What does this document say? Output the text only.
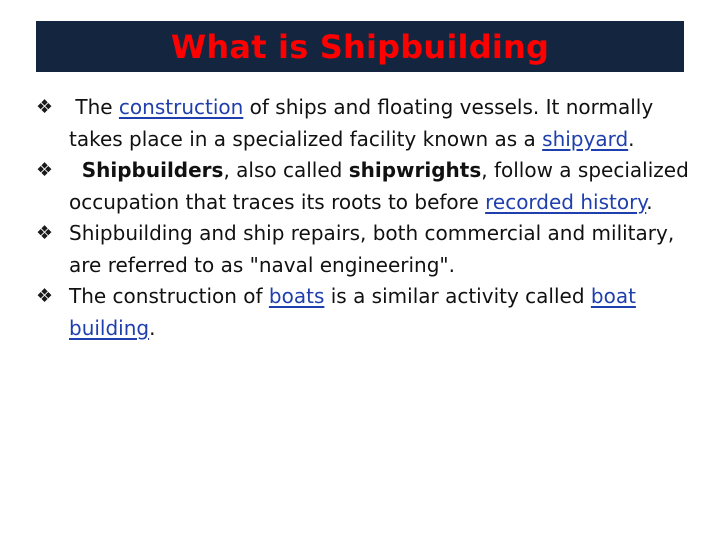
What is Shipbuilding
❖ The construction of ships and floating vessels. It normally takes place in a specialized facility known as a shipyard.
❖ Shipbuilders, also called shipwrights, follow a specialized occupation that traces its roots to before recorded history.
❖ Shipbuilding and ship repairs, both commercial and military, are referred to as "naval engineering".
❖ The construction of boats is a similar activity called boat building.
